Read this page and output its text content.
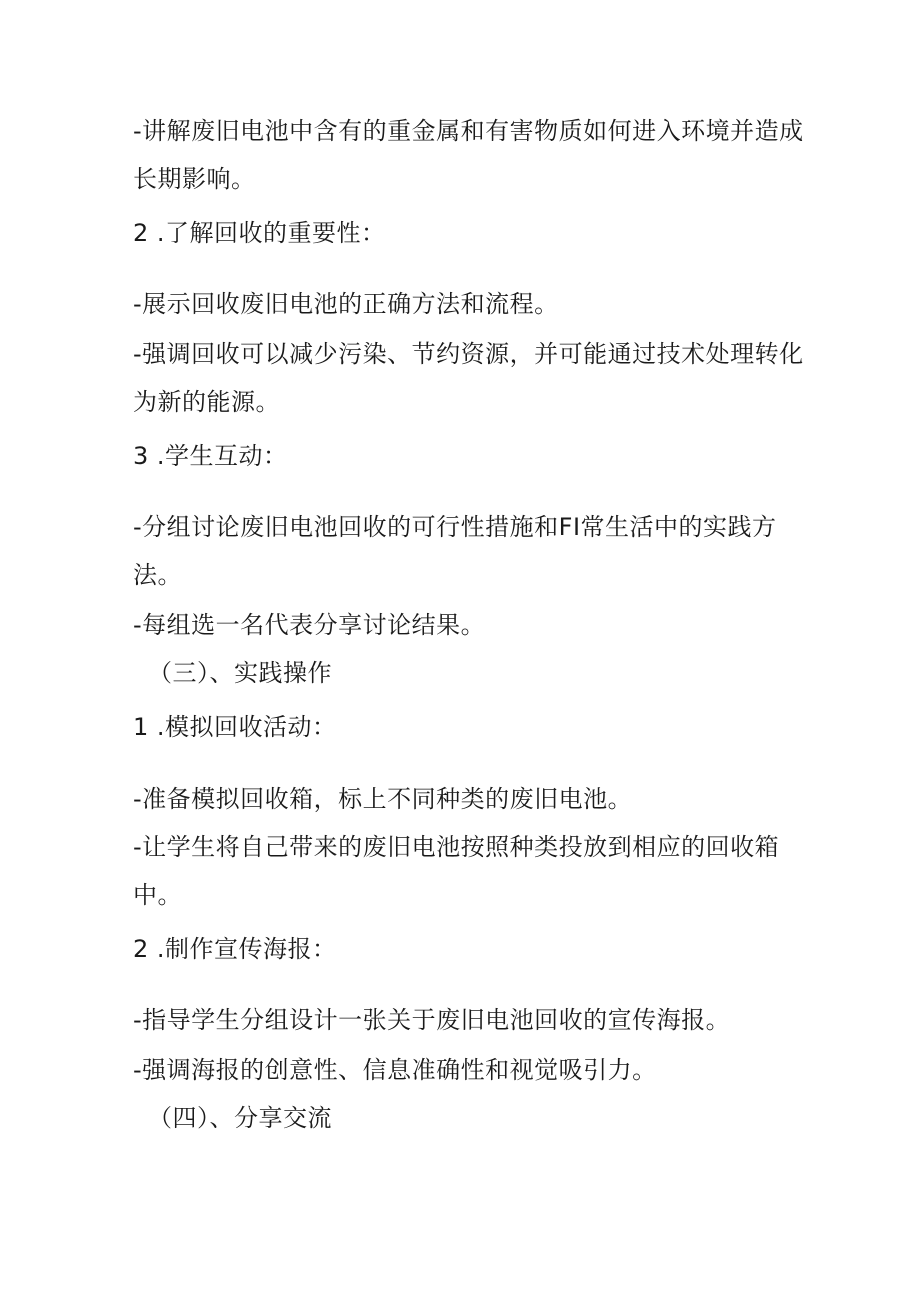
-讲解废旧电池中含有的重金属和有害物质如何进入环境并造成

长期影响。

2 .了解回收的重要性：

-展示回收废旧电池的正确方法和流程。

-强调回收可以减少污染、节约资源，并可能通过技术处理转化

为新的能源。

3 .学生互动：

-分组讨论废旧电池回收的可行性措施和FI常生活中的实践方

法。

-每组选一名代表分享讨论结果。

（三）、实践操作

1 .模拟回收活动：

-准备模拟回收箱，标上不同种类的废旧电池。

-让学生将自己带来的废旧电池按照种类投放到相应的回收箱

中。

2 .制作宣传海报：

-指导学生分组设计一张关于废旧电池回收的宣传海报。

-强调海报的创意性、信息准确性和视觉吸引力。

（四）、分享交流
